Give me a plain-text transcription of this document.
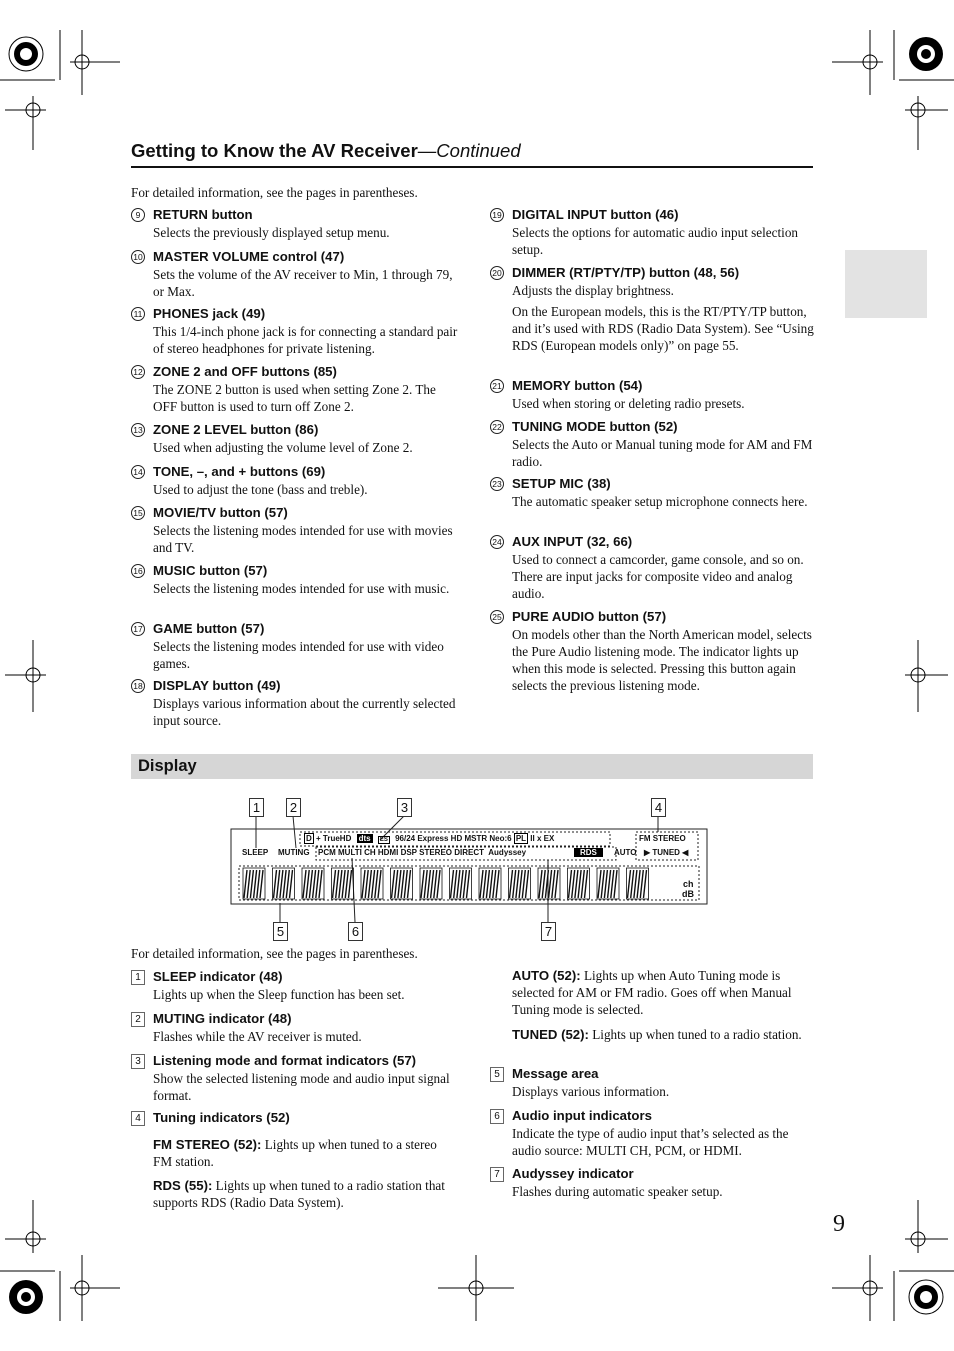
Getting to Know the AV Receiver—Continued
For detailed information, see the pages in parentheses.
9 RETURN button

Selects the previously displayed setup menu.

10 MASTER VOLUME control (47)

Sets the volume of the AV receiver to Min, 1 through 79, or Max.

11 PHONES jack (49)

This 1/4-inch phone jack is for connecting a standard pair of stereo headphones for private listening.

12 ZONE 2 and OFF buttons (85)

The ZONE 2 button is used when setting Zone 2. The OFF button is used to turn off Zone 2.

13 ZONE 2 LEVEL button (86)

Used when adjusting the volume level of Zone 2.

14 TONE, –, and + buttons (69)

Used to adjust the tone (bass and treble).

15 MOVIE/TV button (57)

Selects the listening modes intended for use with movies and TV.

16 MUSIC button (57)

Selects the listening modes intended for use with music.

17 GAME button (57)

Selects the listening modes intended for use with video games.

18 DISPLAY button (49)

Displays various information about the currently selected input source.

19 DIGITAL INPUT button (46)

Selects the options for automatic audio input selection setup.

20 DIMMER (RT/PTY/TP) button (48, 56)

Adjusts the display brightness.

On the European models, this is the RT/PTY/TP button, and it’s used with RDS (Radio Data System). See “Using RDS (European models only)” on page 55.

21 MEMORY button (54)

Used when storing or deleting radio presets.

22 TUNING MODE button (52)

Selects the Auto or Manual tuning mode for AM and FM radio.

23 SETUP MIC (38)

The automatic speaker setup microphone connects here.

24 AUX INPUT (32, 66)

Used to connect a camcorder, game console, and so on. There are input jacks for composite video and analog audio.

25 PURE AUDIO button (57)

On models other than the North American model, selects the Pure Audio listening mode. The indicator lights up when this mode is selected. Pressing this button again selects the previous listening mode.

Display
D + TrueHD dts ES 96/24 Express HD MSTR Neo:6 PL II x EX	FM STEREO
SLEEP MUTING PCM MULTI CH HDMI DSP STEREO DIRECT Audyssey	RDS	AUTO ▶ TUNED ◀
ch
dB
1 2	3	4
5	6	7
For detailed information, see the pages in parentheses.
1 SLEEP indicator (48)

Lights up when the Sleep function has been set.

2 MUTING indicator (48)

Flashes while the AV receiver is muted.

3 Listening mode and format indicators (57)

Show the selected listening mode and audio input signal format.

4 Tuning indicators (52)
FM STEREO (52): Lights up when tuned to a stereo FM station.
RDS (55): Lights up when tuned to a radio station that supports RDS (Radio Data System).
AUTO (52): Lights up when Auto Tuning mode is selected for AM or FM radio. Goes off when Manual Tuning mode is selected.
TUNED (52): Lights up when tuned to a radio station.
5 Message area

Displays various information.

6 Audio input indicators

Indicate the type of audio input that’s selected as the audio source: MULTI CH, PCM, or HDMI.

7 Audyssey indicator

Flashes during automatic speaker setup.

9
